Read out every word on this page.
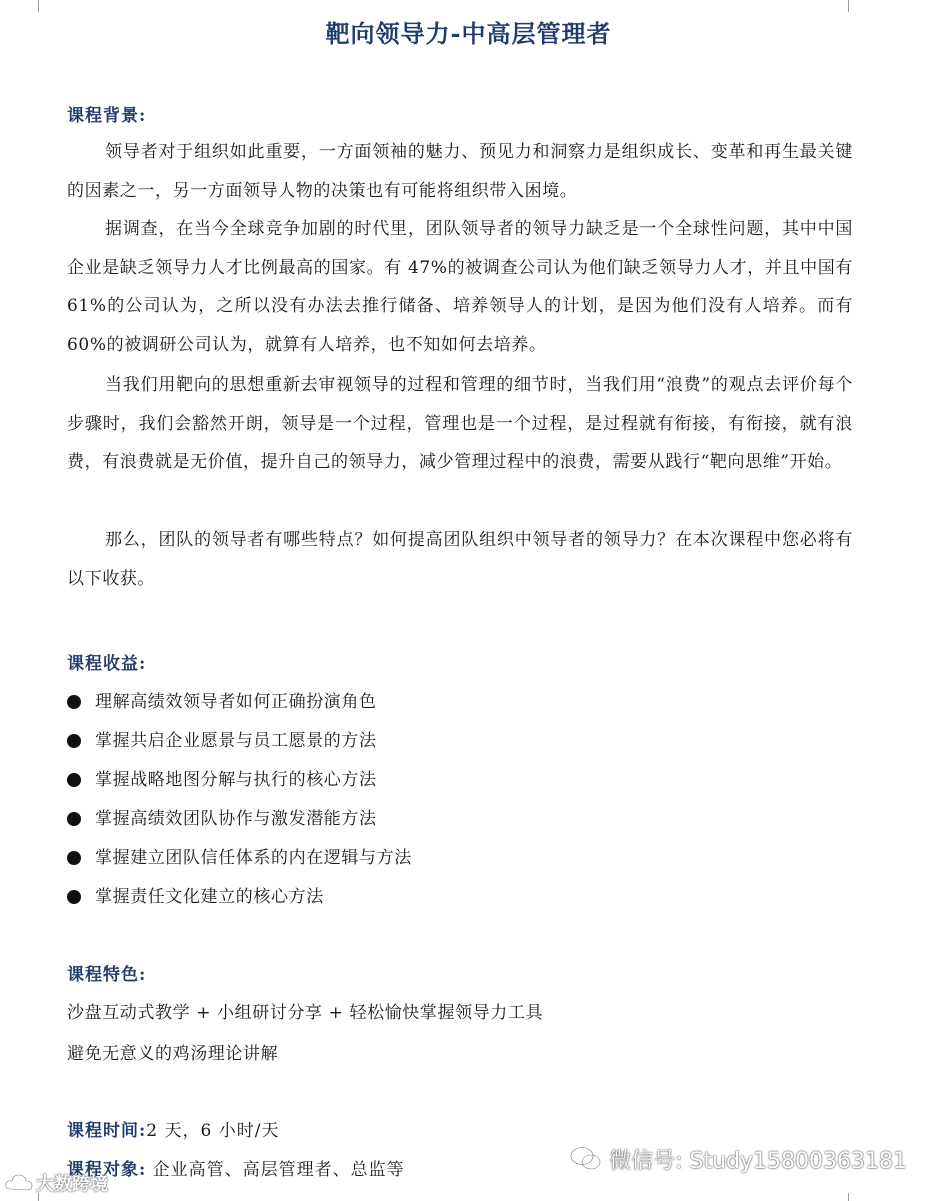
靶向领导力-中高层管理者
课程背景:
领导者对于组织如此重要，一方面领袖的魅力、预见力和洞察力是组织成长、变革和再生最关键的因素之一，另一方面领导人物的决策也有可能将组织带入困境。
据调查，在当今全球竞争加剧的时代里，团队领导者的领导力缺乏是一个全球性问题，其中中国企业是缺乏领导力人才比例最高的国家。有 47%的被调查公司认为他们缺乏领导力人才，并且中国有 61%的公司认为，之所以没有办法去推行储备、培养领导人的计划，是因为他们没有人培养。而有60%的被调研公司认为，就算有人培养，也不知如何去培养。
当我们用靶向的思想重新去审视领导的过程和管理的细节时，当我们用“浪费”的观点去评价每个步骤时，我们会豁然开朗，领导是一个过程，管理也是一个过程，是过程就有衔接，有衔接，就有浪费，有浪费就是无价值，提升自己的领导力，减少管理过程中的浪费，需要从践行“靶向思维”开始。
那么，团队的领导者有哪些特点？如何提高团队组织中领导者的领导力？在本次课程中您必将有以下收获。
课程收益:
理解高绩效领导者如何正确扮演角色
掌握共启企业愿景与员工愿景的方法
掌握战略地图分解与执行的核心方法
掌握高绩效团队协作与激发潜能方法
掌握建立团队信任体系的内在逻辑与方法
掌握责任文化建立的核心方法
课程特色:
沙盘互动式教学 + 小组研讨分享 + 轻松愉快掌握领导力工具
避免无意义的鸡汤理论讲解
课程时间:2 天，6 小时/天
课程对象: 企业高管、高层管理者、总监等
大数跨境
微信号: Study15800363181
